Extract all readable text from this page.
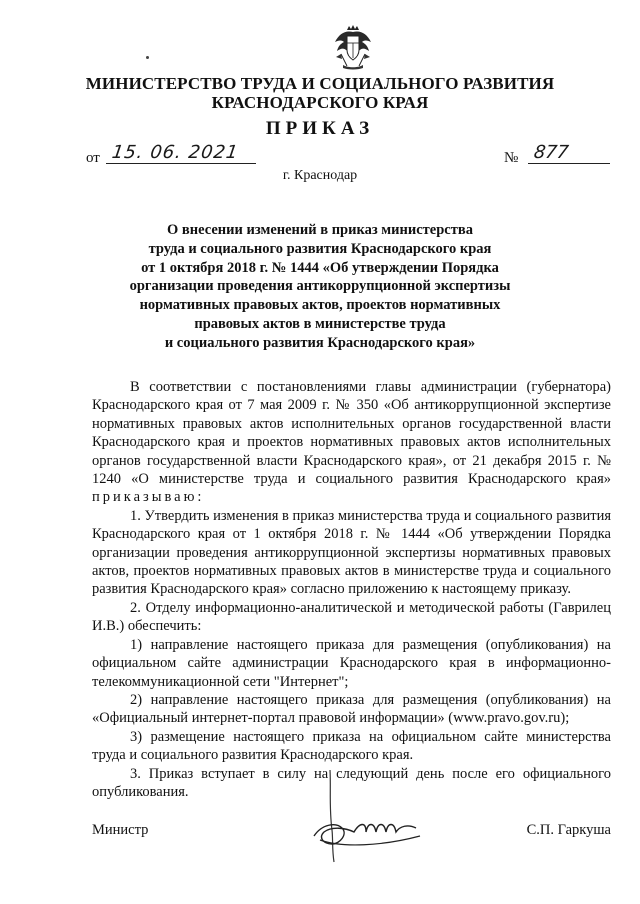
МИНИСТЕРСТВО ТРУДА И СОЦИАЛЬНОГО РАЗВИТИЯ
КРАСНОДАРСКОГО КРАЯ
ПРИКАЗ
от 15. 06. 2021	№ 877
г. Краснодар
О внесении изменений в приказ министерства
труда и социального развития Краснодарского края
от 1 октября 2018 г. № 1444 «Об утверждении Порядка
организации проведения антикоррупционной экспертизы
нормативных правовых актов, проектов нормативных
правовых актов в министерстве труда
и социального развития Краснодарского края»

В соответствии с постановлениями главы администрации (губернатора) Краснодарского края от 7 мая 2009 г. № 350 «Об антикоррупционной экспертизе нормативных правовых актов исполнительных органов государственной власти Краснодарского края и проектов нормативных правовых актов исполнительных органов государственной власти Краснодарского края», от 21 декабря 2015 г. № 1240 «О министерстве труда и социального развития Краснодарского края» приказываю:

1. Утвердить изменения в приказ министерства труда и социального развития Краснодарского края от 1 октября 2018 г. № 1444 «Об утверждении Порядка организации проведения антикоррупционной экспертизы нормативных правовых актов, проектов нормативных правовых актов в министерстве труда и социального развития Краснодарского края» согласно приложению к настоящему приказу.

2. Отделу информационно-аналитической и методической работы (Гаврилец И.В.) обеспечить:

1) направление настоящего приказа для размещения (опубликования) на официальном сайте администрации Краснодарского края в информационно-телекоммуникационной сети "Интернет";

2) направление настоящего приказа для размещения (опубликования) на «Официальный интернет-портал правовой информации» (www.pravo.gov.ru);

3) размещение настоящего приказа на официальном сайте министерства труда и социального развития Краснодарского края.

3. Приказ вступает в силу на следующий день после его официального опубликования.

Министр	С.П. Гаркуша
